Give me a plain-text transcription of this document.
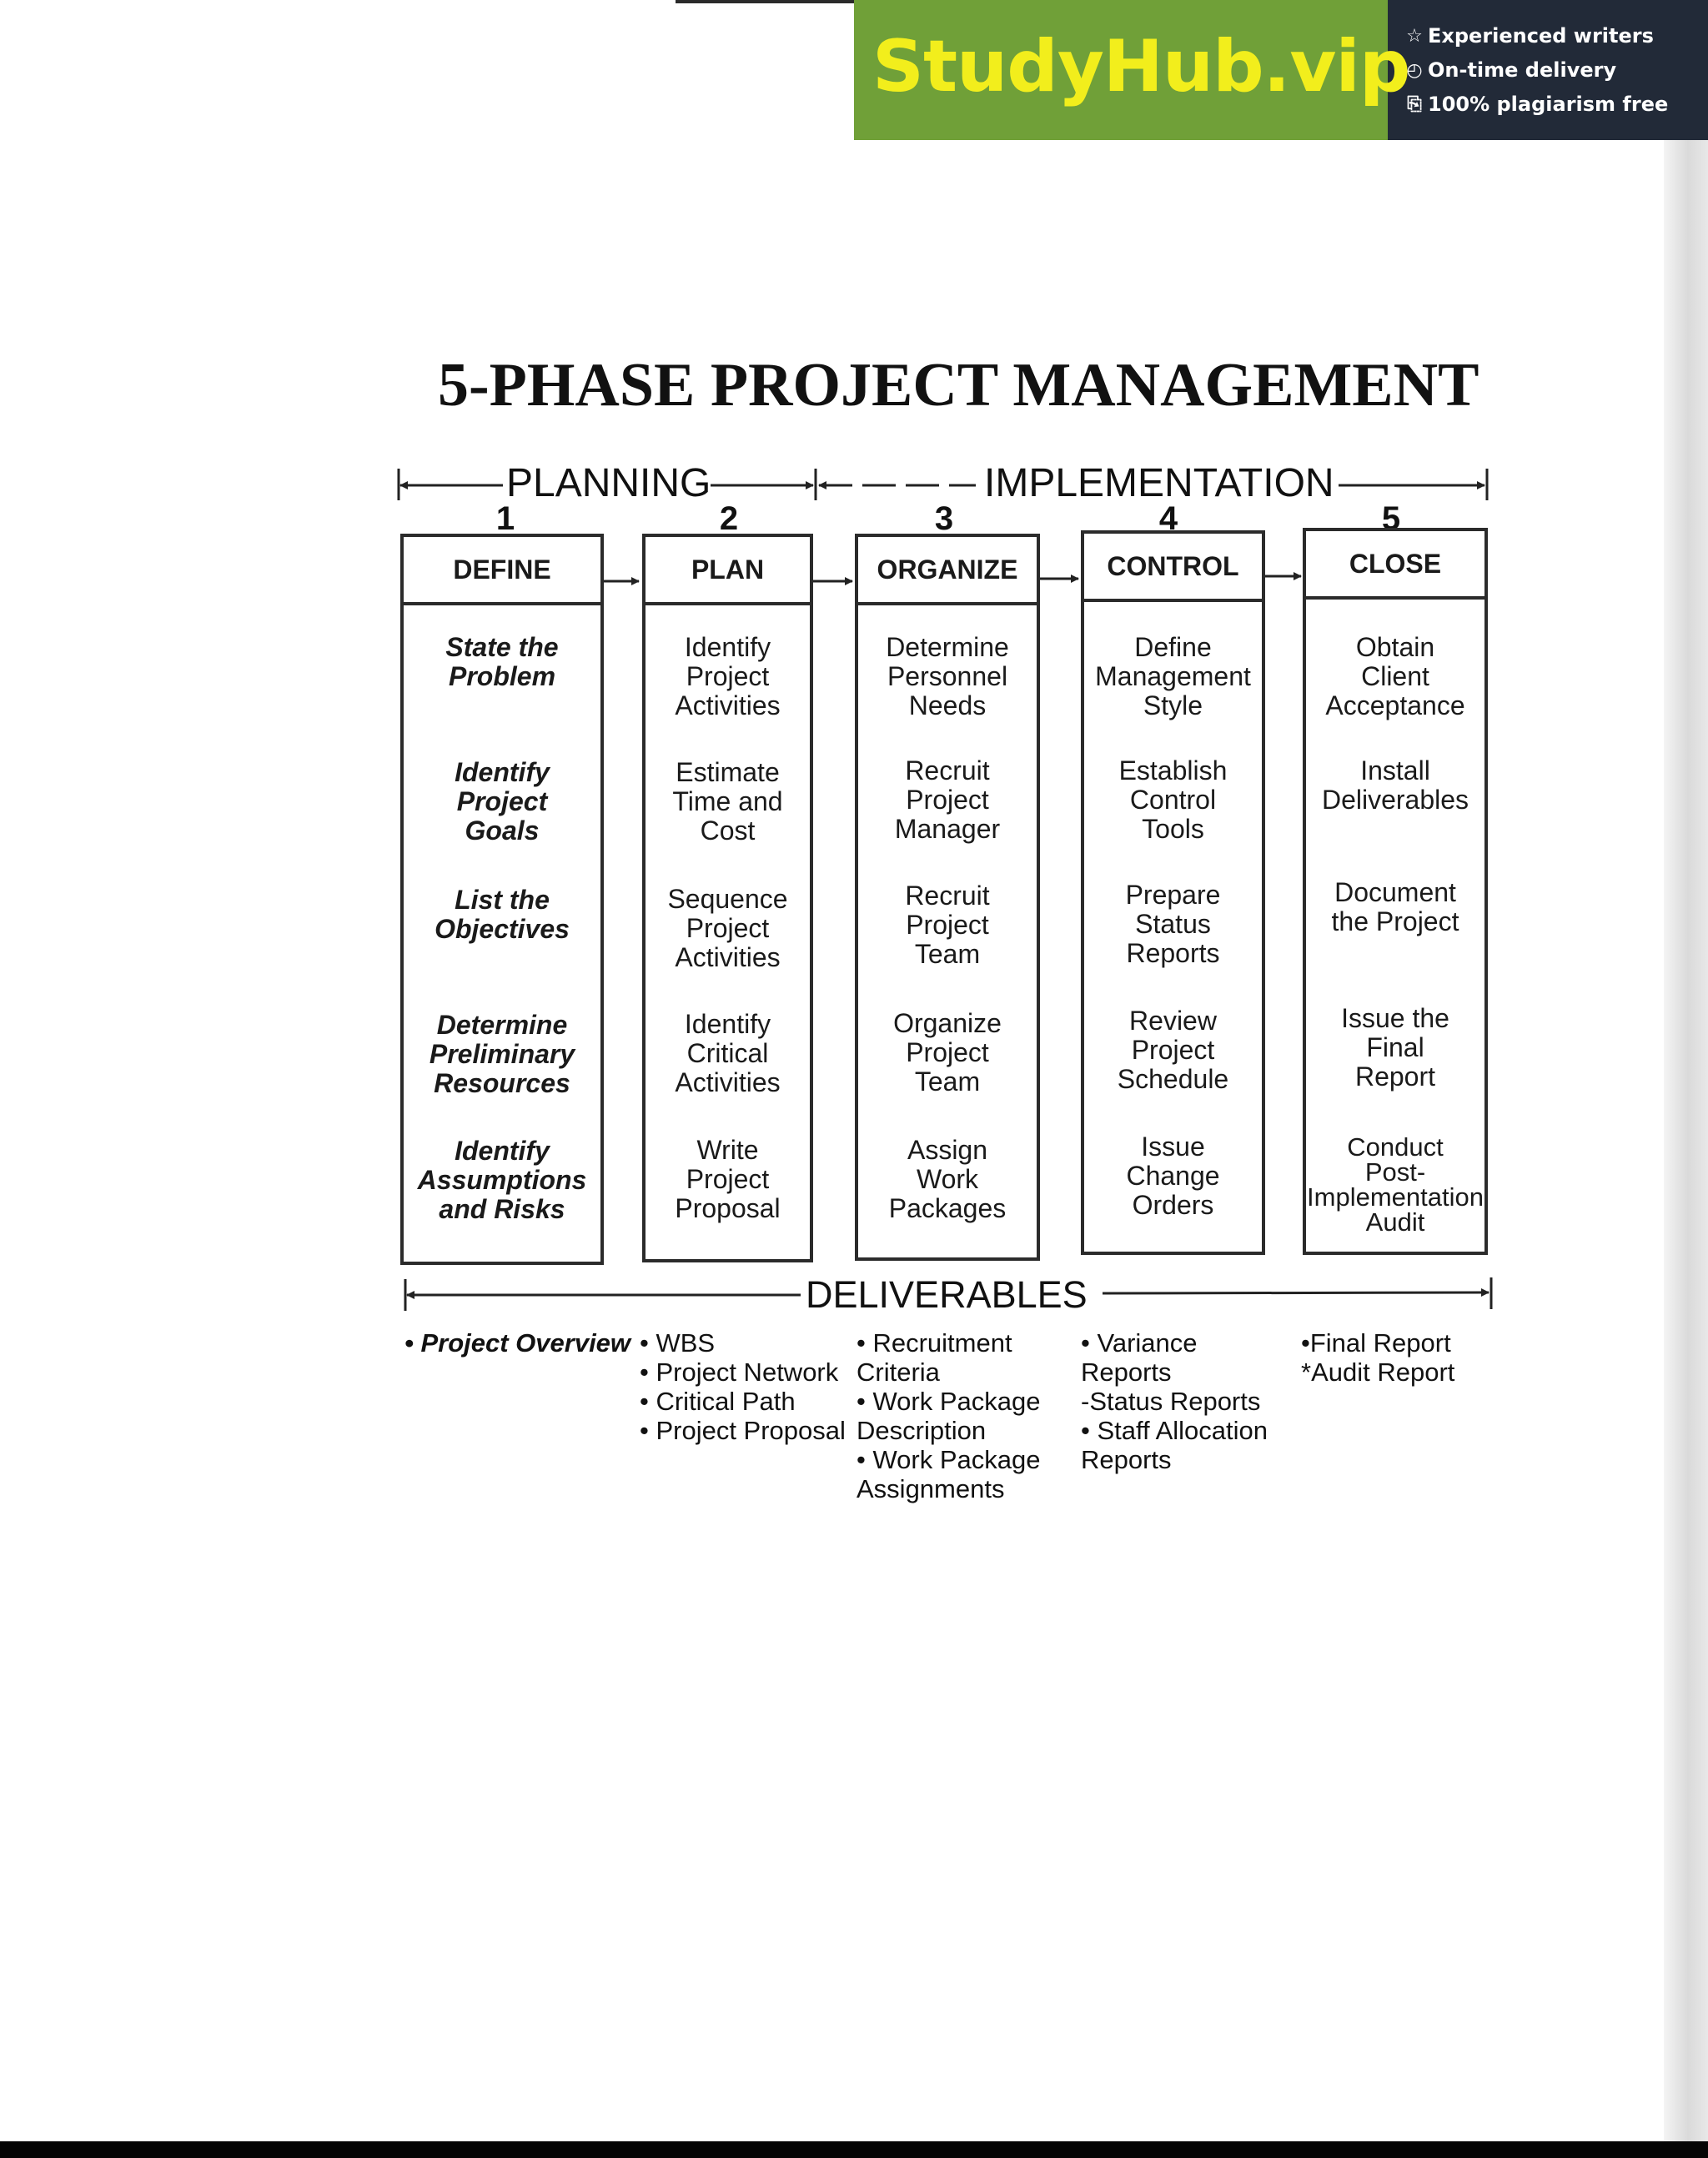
StudyHub.vip
☆ Experienced writers
◴ On-time delivery
⎘ 100% plagiarism free
5-PHASE PROJECT MANAGEMENT
PLANNING	IMPLEMENTATION
1	2	3	4	5
DEFINE
State the
Problem
Identify
Project
Goals
List the
Objectives
Determine
Preliminary
Resources
Identify
Assumptions
and Risks
PLAN
Identify
Project
Activities
Estimate
Time and
Cost
Sequence
Project
Activities
Identify
Critical
Activities
Write
Project
Proposal
ORGANIZE
Determine
Personnel
Needs
Recruit
Project
Manager
Recruit
Project
Team
Organize
Project
Team
Assign
Work
Packages
CONTROL
Define
Management
Style
Establish
Control
Tools
Prepare
Status
Reports
Review
Project
Schedule
Issue
Change
Orders
CLOSE
Obtain
Client
Acceptance
Install
Deliverables
Document
the Project
Issue the
Final
Report
Conduct
Post-
Implementation
Audit
DELIVERABLES
• Project Overview • WBS
• Project Network
• Critical Path
• Project Proposal
• Recruitment
Criteria
• Work Package
Description
• Work Package
Assignments
• Variance
Reports
-Status Reports
• Staff Allocation
Reports
•Final Report
*Audit Report
